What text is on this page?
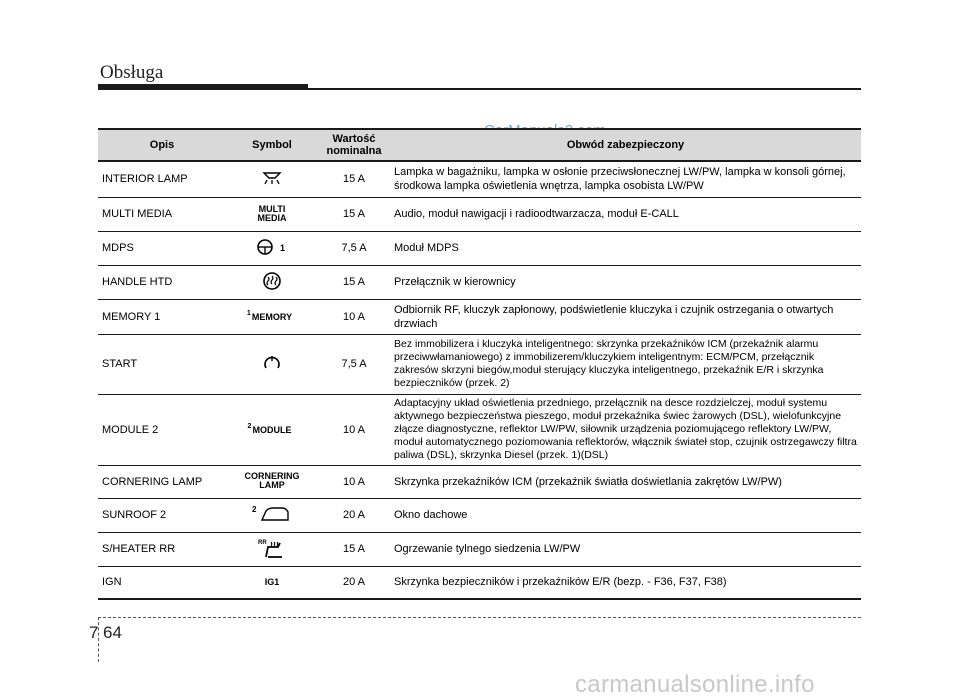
Obsługa
Opis	Symbol	Wartość nominalna	Obwód zabezpieczony
INTERIOR LAMP		15 A	Lampka w bagażniku, lampka w osłonie przeciwsłonecznej LW/PW, lampka w konsoli górnej, środkowa lampka oświetlenia wnętrza, lampka osobista LW/PW
MULTI MEDIA	MULTI MEDIA	15 A	Audio, moduł nawigacji i radioodtwarzacza, moduł E-CALL
MDPS	1	7,5 A	Moduł MDPS
HANDLE HTD		15 A	Przełącznik w kierownicy
MEMORY 1	1 MEMORY	10 A	Odbiornik RF, kluczyk zapłonowy, podświetlenie kluczyka i czujnik ostrzegania o otwartych drzwiach
START		7,5 A	Bez immobilizera i kluczyka inteligentnego: skrzynka przekaźników ICM (przekaźnik alarmu przeciwwłamaniowego) z immobilizerem/kluczykiem inteligentnym: ECM/PCM, przełącznik zakresów skrzyni biegów,moduł sterujący kluczyka inteligentnego, przekaźnik E/R i skrzynka bezpieczników (przek. 2)
MODULE 2	2 MODULE	10 A	Adaptacyjny układ oświetlenia przedniego, przełącznik na desce rozdzielczej, moduł systemu aktywnego bezpieczeństwa pieszego, moduł przekaźnika świec żarowych (DSL), wielofunkcyjne złącze diagnostyczne, reflektor LW/PW, siłownik urządzenia poziomującego reflektory LW/PW, moduł automatycznego poziomowania reflektorów, włącznik świateł stop, czujnik ostrzegawczy filtra paliwa (DSL), skrzynka Diesel (przek. 1)(DSL)
CORNERING LAMP	CORNERING LAMP	10 A	Skrzynka przekaźników ICM (przekaźnik światła doświetlania zakrętów LW/PW)
SUNROOF 2	2	20 A	Okno dachowe
S/HEATER RR	RR	15 A	Ogrzewanie tylnego siedzenia LW/PW
IGN	IG1	20 A	Skrzynka bezpieczników i przekaźników E/R (bezp. - F36, F37, F38)
7 64
carmanualsonline.info
